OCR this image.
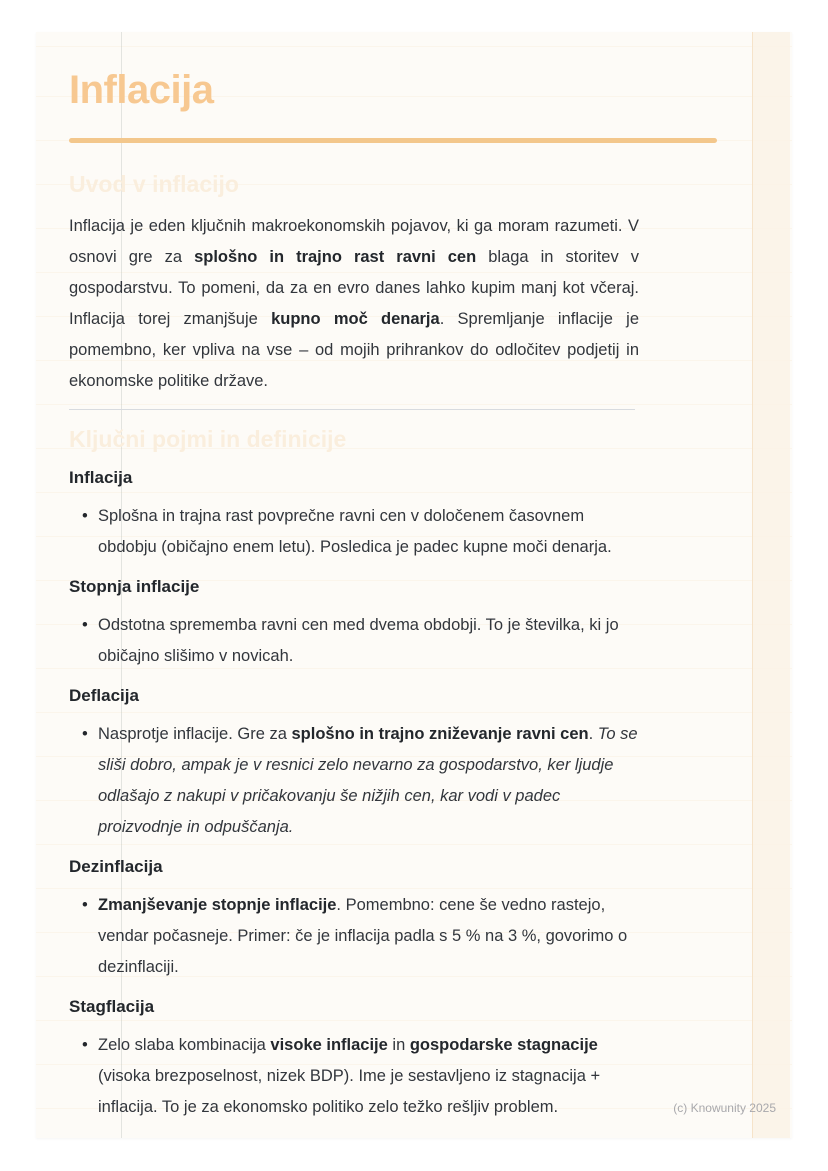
Inflacija
Uvod v inflacijo

Inflacija je eden ključnih makroekonomskih pojavov, ki ga moram razumeti. V osnovi gre za splošno in trajno rast ravni cen blaga in storitev v gospodarstvu. To pomeni, da za en evro danes lahko kupim manj kot včeraj. Inflacija torej zmanjšuje kupno moč denarja. Spremljanje inflacije je pomembno, ker vpliva na vse – od mojih prihrankov do odločitev podjetij in ekonomske politike države.

Ključni pojmi in definicije
Inflacija
• Splošna in trajna rast povprečne ravni cen v določenem časovnem obdobju (običajno enem letu). Posledica je padec kupne moči denarja.
Stopnja inflacije
• Odstotna sprememba ravni cen med dvema obdobji. To je številka, ki jo običajno slišimo v novicah.
Deflacija
• Nasprotje inflacije. Gre za splošno in trajno zniževanje ravni cen. To se sliši dobro, ampak je v resnici zelo nevarno za gospodarstvo, ker ljudje odlašajo z nakupi v pričakovanju še nižjih cen, kar vodi v padec proizvodnje in odpuščanja.
Dezinflacija
• Zmanjševanje stopnje inflacije. Pomembno: cene še vedno rastejo, vendar počasneje. Primer: če je inflacija padla s 5 % na 3 %, govorimo o dezinflaciji.
Stagflacija
• Zelo slaba kombinacija visoke inflacije in gospodarske stagnacije (visoka brezposelnost, nizek BDP). Ime je sestavljeno iz stagnacija + inflacija. To je za ekonomsko politiko zelo težko rešljiv problem.	(c) Knowunity 2025
